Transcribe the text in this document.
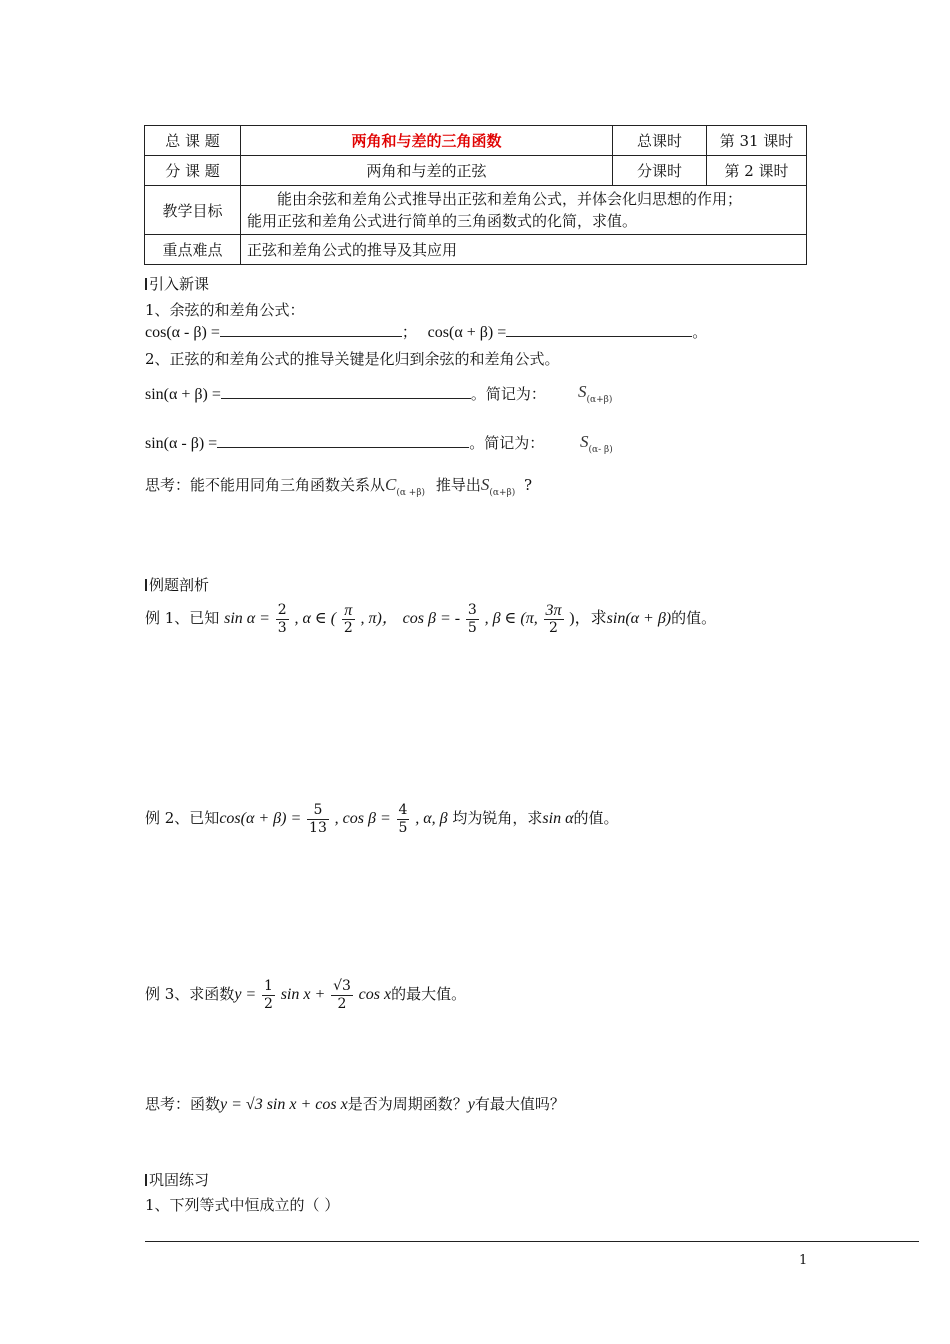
总 课 题	两角和与差的三角函数	总课时	第 31 课时
分 课 题	两角和与差的正弦	分课时	第 2 课时
教学目标	能由余弦和差角公式推导出正弦和差角公式，并体会化归思想的作用；
能用正弦和差角公式进行简单的三角函数式的化简，求值。		

重点难点	正弦和差角公式的推导及其应用		
引入新课
1、余弦的和差角公式：
cos(α - β) =	； cos(α + β) =	。
2、正弦的和差角公式的推导关键是化归到余弦的和差角公式。
sin(α + β) =	。简记为： $S_{(\alpha+\beta)}$
sin(α - β) =	。简记为： $S_{(\alpha- \beta)}$
思考：能不能用同角三角函数关系从$C_{(\alpha +\beta)}$ 推导出$S_{(\alpha+\beta)}$ ?
例题剖析
例 1、已知 $\sin \alpha = \frac{2}{3}$ , α ∈ ( $\frac{\pi}{2}$ , π)， cos β = - $\frac{3}{5}$ , β ∈ (π, $\frac{3\pi}{2}$ )，求sin(α + β)的值。
例 2、已知$\cos(\alpha + \beta) = \frac{5}{13}$ , $\cos \beta = \frac{4}{5}$ , α, β 均为锐角，求sin α的值。
例 3、求函数$y = \frac{1}{2}$ $\sin x + \frac{√3}{2}$ cos x的最大值。
思考：函数y = √3 sin x + cos x是否为周期函数？y有最大值吗？
巩固练习
1、下列等式中恒成立的（ ）
1
